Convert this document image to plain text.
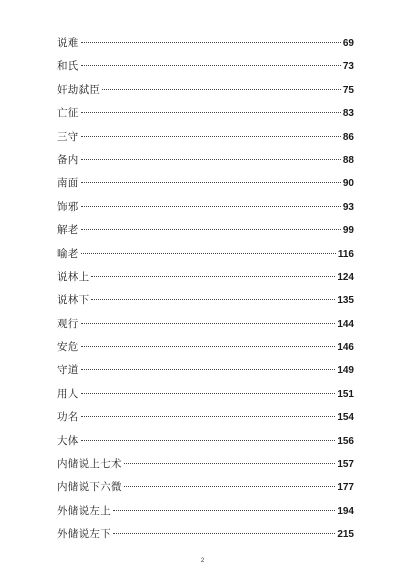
说难	69
和氏	73
奸劫弑臣	75
亡征	83
三守	86
备内	88
南面	90
饰邪	93
解老	99
喻老	116
说林上	124
说林下	135
观行	144
安危	146
守道	149
用人	151
功名	154
大体	156
内储说上七术	157
内储说下六微	177
外储说左上	194
外储说左下	215
2
